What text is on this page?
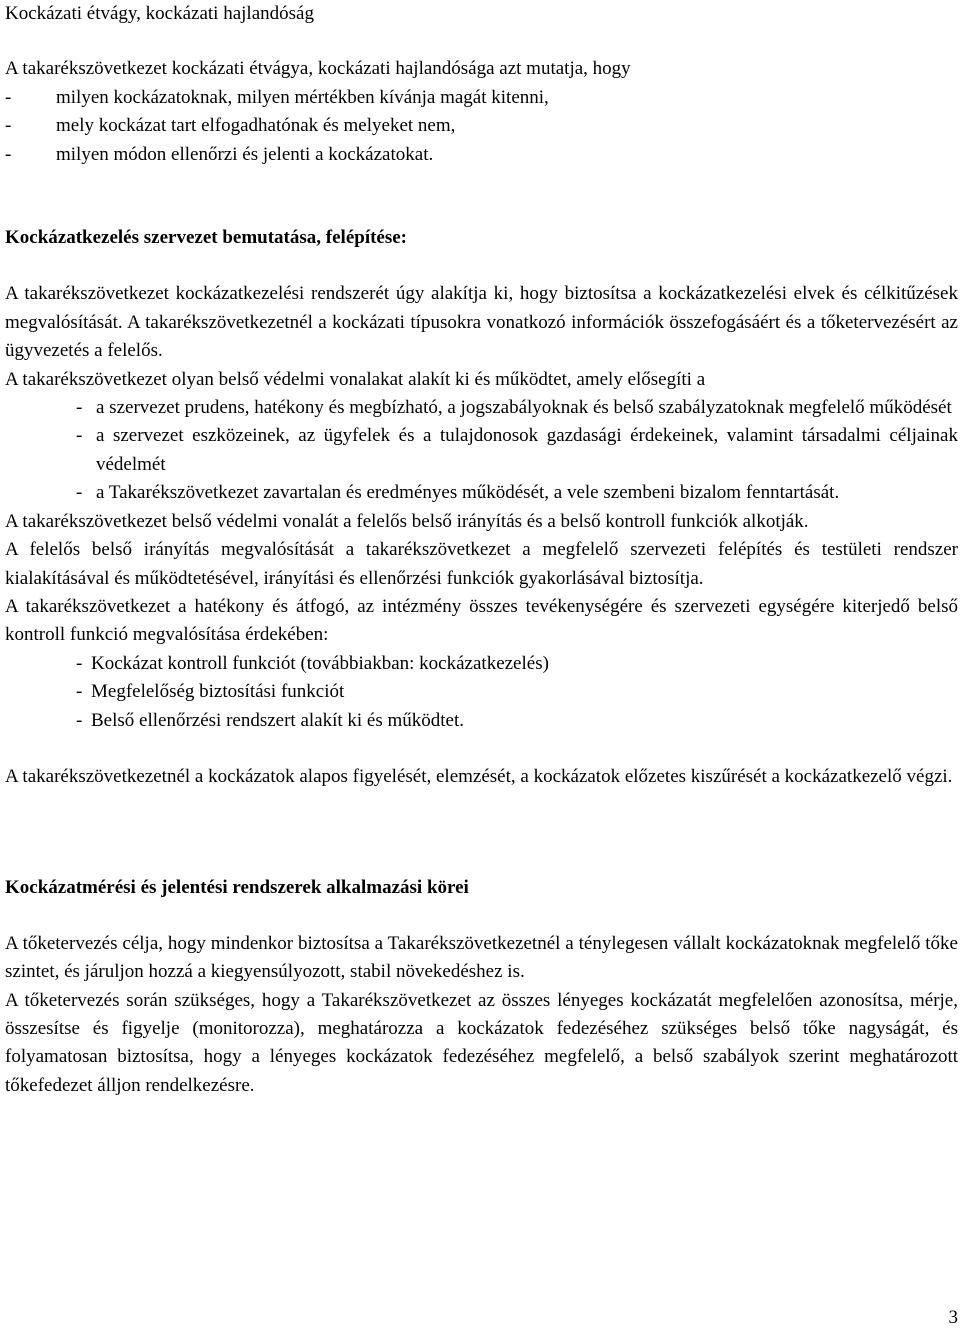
Kockázati étvágy, kockázati hajlandóság

A takarékszövetkezet kockázati étvágya, kockázati hajlandósága azt mutatja, hogy

-	milyen kockázatoknak, milyen mértékben kívánja magát kitenni,
-	mely kockázat tart elfogadhatónak és melyeket nem,
-	milyen módon ellenőrzi és jelenti a kockázatokat.

Kockázatkezelés szervezet bemutatása, felépítése:

A takarékszövetkezet kockázatkezelési rendszerét úgy alakítja ki, hogy biztosítsa a kockázatkezelési elvek és célkitűzések megvalósítását. A takarékszövetkezetnél a kockázati típusokra vonatkozó információk összefogásáért és a tőketervezésért az ügyvezetés a felelős.

A takarékszövetkezet olyan belső védelmi vonalakat alakít ki és működtet, amely elősegíti a

- a szervezet prudens, hatékony és megbízható, a jogszabályoknak és belső szabályzatoknak megfelelő működését
- a szervezet eszközeinek, az ügyfelek és a tulajdonosok gazdasági érdekeinek, valamint társadalmi céljainak védelmét
- a Takarékszövetkezet zavartalan és eredményes működését, a vele szembeni bizalom fenntartását.

A takarékszövetkezet belső védelmi vonalát a felelős belső irányítás és a belső kontroll funkciók alkotják.

A felelős belső irányítás megvalósítását a takarékszövetkezet a megfelelő szervezeti felépítés és testületi rendszer kialakításával és működtetésével, irányítási és ellenőrzési funkciók gyakorlásával biztosítja.

A takarékszövetkezet a hatékony és átfogó, az intézmény összes tevékenységére és szervezeti egységére kiterjedő belső kontroll funkció megvalósítása érdekében:

- Kockázat kontroll funkciót (továbbiakban: kockázatkezelés)
- Megfelelőség biztosítási funkciót
- Belső ellenőrzési rendszert alakít ki és működtet.

A takarékszövetkezetnél a kockázatok alapos figyelését, elemzését, a kockázatok előzetes kiszűrését a kockázatkezelő végzi.

Kockázatmérési és jelentési rendszerek alkalmazási körei

A tőketervezés célja, hogy mindenkor biztosítsa a Takarékszövetkezetnél a ténylegesen vállalt kockázatoknak megfelelő tőke szintet, és járuljon hozzá a kiegyensúlyozott, stabil növekedéshez is.

A tőketervezés során szükséges, hogy a Takarékszövetkezet az összes lényeges kockázatát megfelelően azonosítsa, mérje, összesítse és figyelje (monitorozza), meghatározza a kockázatok fedezéséhez szükséges belső tőke nagyságát, és folyamatosan biztosítsa, hogy a lényeges kockázatok fedezéséhez megfelelő, a belső szabályok szerint meghatározott tőkefedezet álljon rendelkezésre.

3
